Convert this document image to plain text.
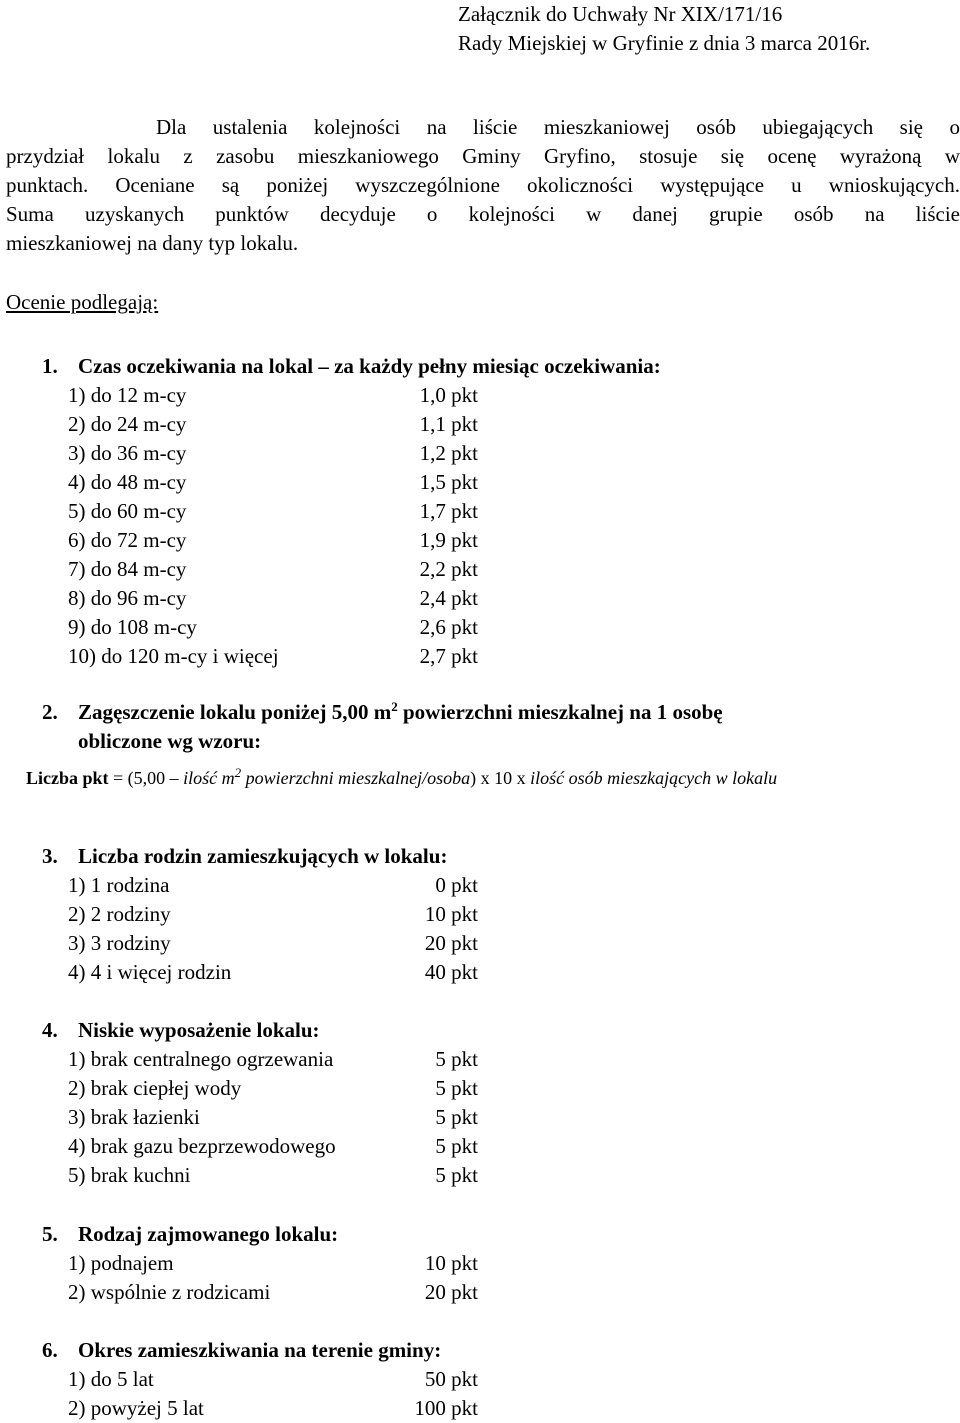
Załącznik do Uchwały Nr XIX/171/16
Rady Miejskiej w Gryfinie z dnia 3 marca 2016r.
Dla ustalenia kolejności na liście mieszkaniowej osób ubiegających się o
przydział lokalu z zasobu mieszkaniowego Gminy Gryfino, stosuje się ocenę wyrażoną w
punktach. Oceniane są poniżej wyszczególnione okoliczności występujące u wnioskujących.
Suma uzyskanych punktów decyduje o kolejności w danej grupie osób na liście
mieszkaniowej na dany typ lokalu.
Ocenie podlegają:
1. Czas oczekiwania na lokal – za każdy pełny miesiąc oczekiwania:
1) do 12 m-cy	1,0 pkt
2) do 24 m-cy	1,1 pkt
3) do 36 m-cy	1,2 pkt
4) do 48 m-cy	1,5 pkt
5) do 60 m-cy	1,7 pkt
6) do 72 m-cy	1,9 pkt
7) do 84 m-cy	2,2 pkt
8) do 96 m-cy	2,4 pkt
9) do 108 m-cy	2,6 pkt
10) do 120 m-cy i więcej	2,7 pkt
2. Zagęszczenie lokalu poniżej 5,00 $m^2$ powierzchni mieszkalnej na 1 osobę
obliczone wg wzoru:
Liczba pkt = (5,00 – ilość $m^2$ powierzchni mieszkalnej/osoba) x 10 x ilość osób mieszkających w lokalu
3. Liczba rodzin zamieszkujących w lokalu:
1) 1 rodzina	0 pkt
2) 2 rodziny	10 pkt
3) 3 rodziny	20 pkt
4) 4 i więcej rodzin	40 pkt
4. Niskie wyposażenie lokalu:
1) brak centralnego ogrzewania	5 pkt
2) brak ciepłej wody	5 pkt
3) brak łazienki	5 pkt
4) brak gazu bezprzewodowego	5 pkt
5) brak kuchni	5 pkt
5. Rodzaj zajmowanego lokalu:
1) podnajem	10 pkt
2) wspólnie z rodzicami	20 pkt
6. Okres zamieszkiwania na terenie gminy:
1) do 5 lat	50 pkt
2) powyżej 5 lat	100 pkt
